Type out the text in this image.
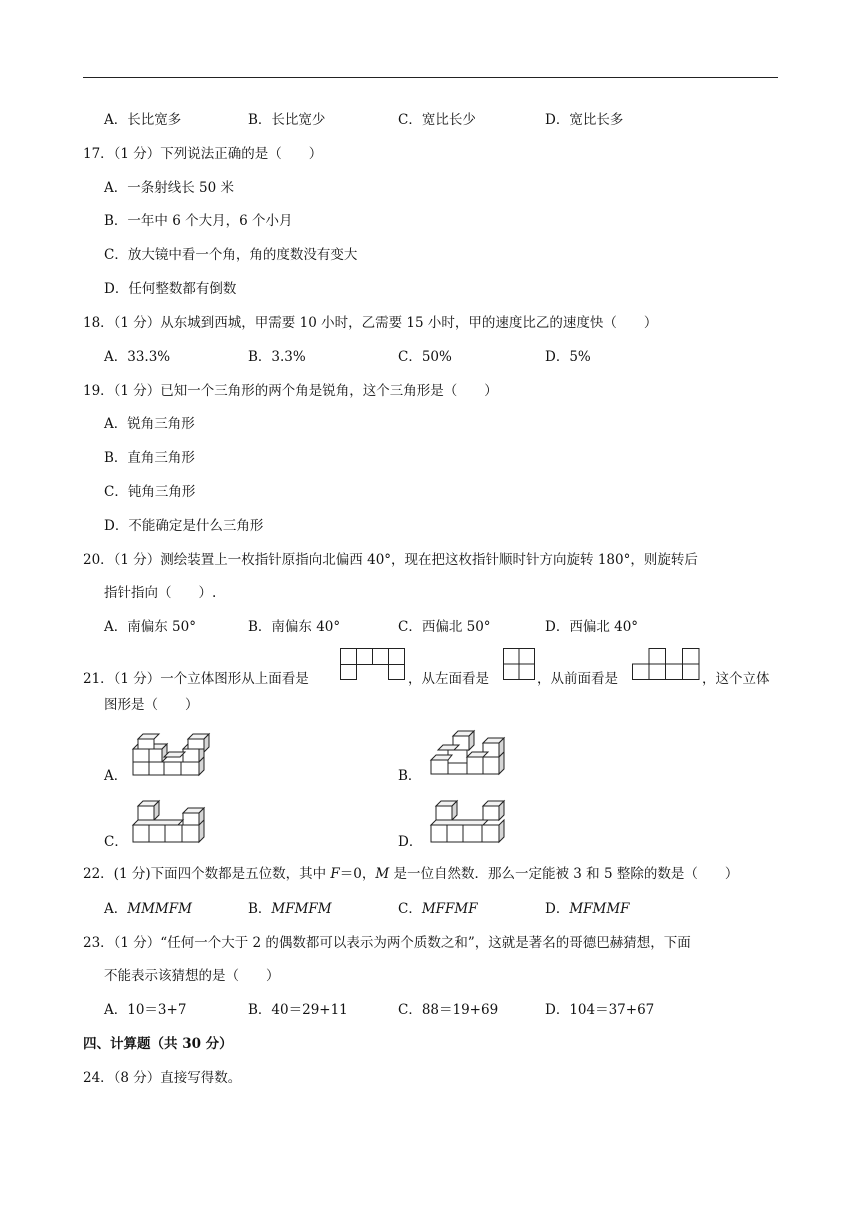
A．长比宽多	B．长比宽少	C．宽比长少	D．宽比长多
17．（1 分）下列说法正确的是（　　）
A．一条射线长 50 米
B．一年中 6 个大月，6 个小月
C．放大镜中看一个角，角的度数没有变大
D．任何整数都有倒数
18．（1 分）从东城到西城，甲需要 10 小时，乙需要 15 小时，甲的速度比乙的速度快（　　）
A．33.3%	B．3.3%	C．50%	D．5%
19．（1 分）已知一个三角形的两个角是锐角，这个三角形是（　　）
A．锐角三角形
B．直角三角形
C．钝角三角形
D．不能确定是什么三角形
20．（1 分）测绘装置上一枚指针原指向北偏西 40°，现在把这枚指针顺时针方向旋转 180°，则旋转后
指针指向（　　）.
A．南偏东 50°	B．南偏东 40°	C．西偏北 50°	D．西偏北 40°
21．（1 分）一个立体图形从上面看是	，从左面看是	，从前面看是	，这个立体
图形是（　　）
A．	B．
C．	D．
22．(1 分)下面四个数都是五位数，其中 F＝0，M 是一位自然数．那么一定能被 3 和 5 整除的数是（　　）
A．MMMFM	B．MFMFM	C．MFFMF	D．MFMMF
23．（1 分）“任何一个大于 2 的偶数都可以表示为两个质数之和”，这就是著名的哥德巴赫猜想，下面
不能表示该猜想的是（　　）
A．10＝3+7	B．40＝29+11	C．88＝19+69	D．104＝37+67
四、计算题（共 30 分）
24．（8 分）直接写得数。
